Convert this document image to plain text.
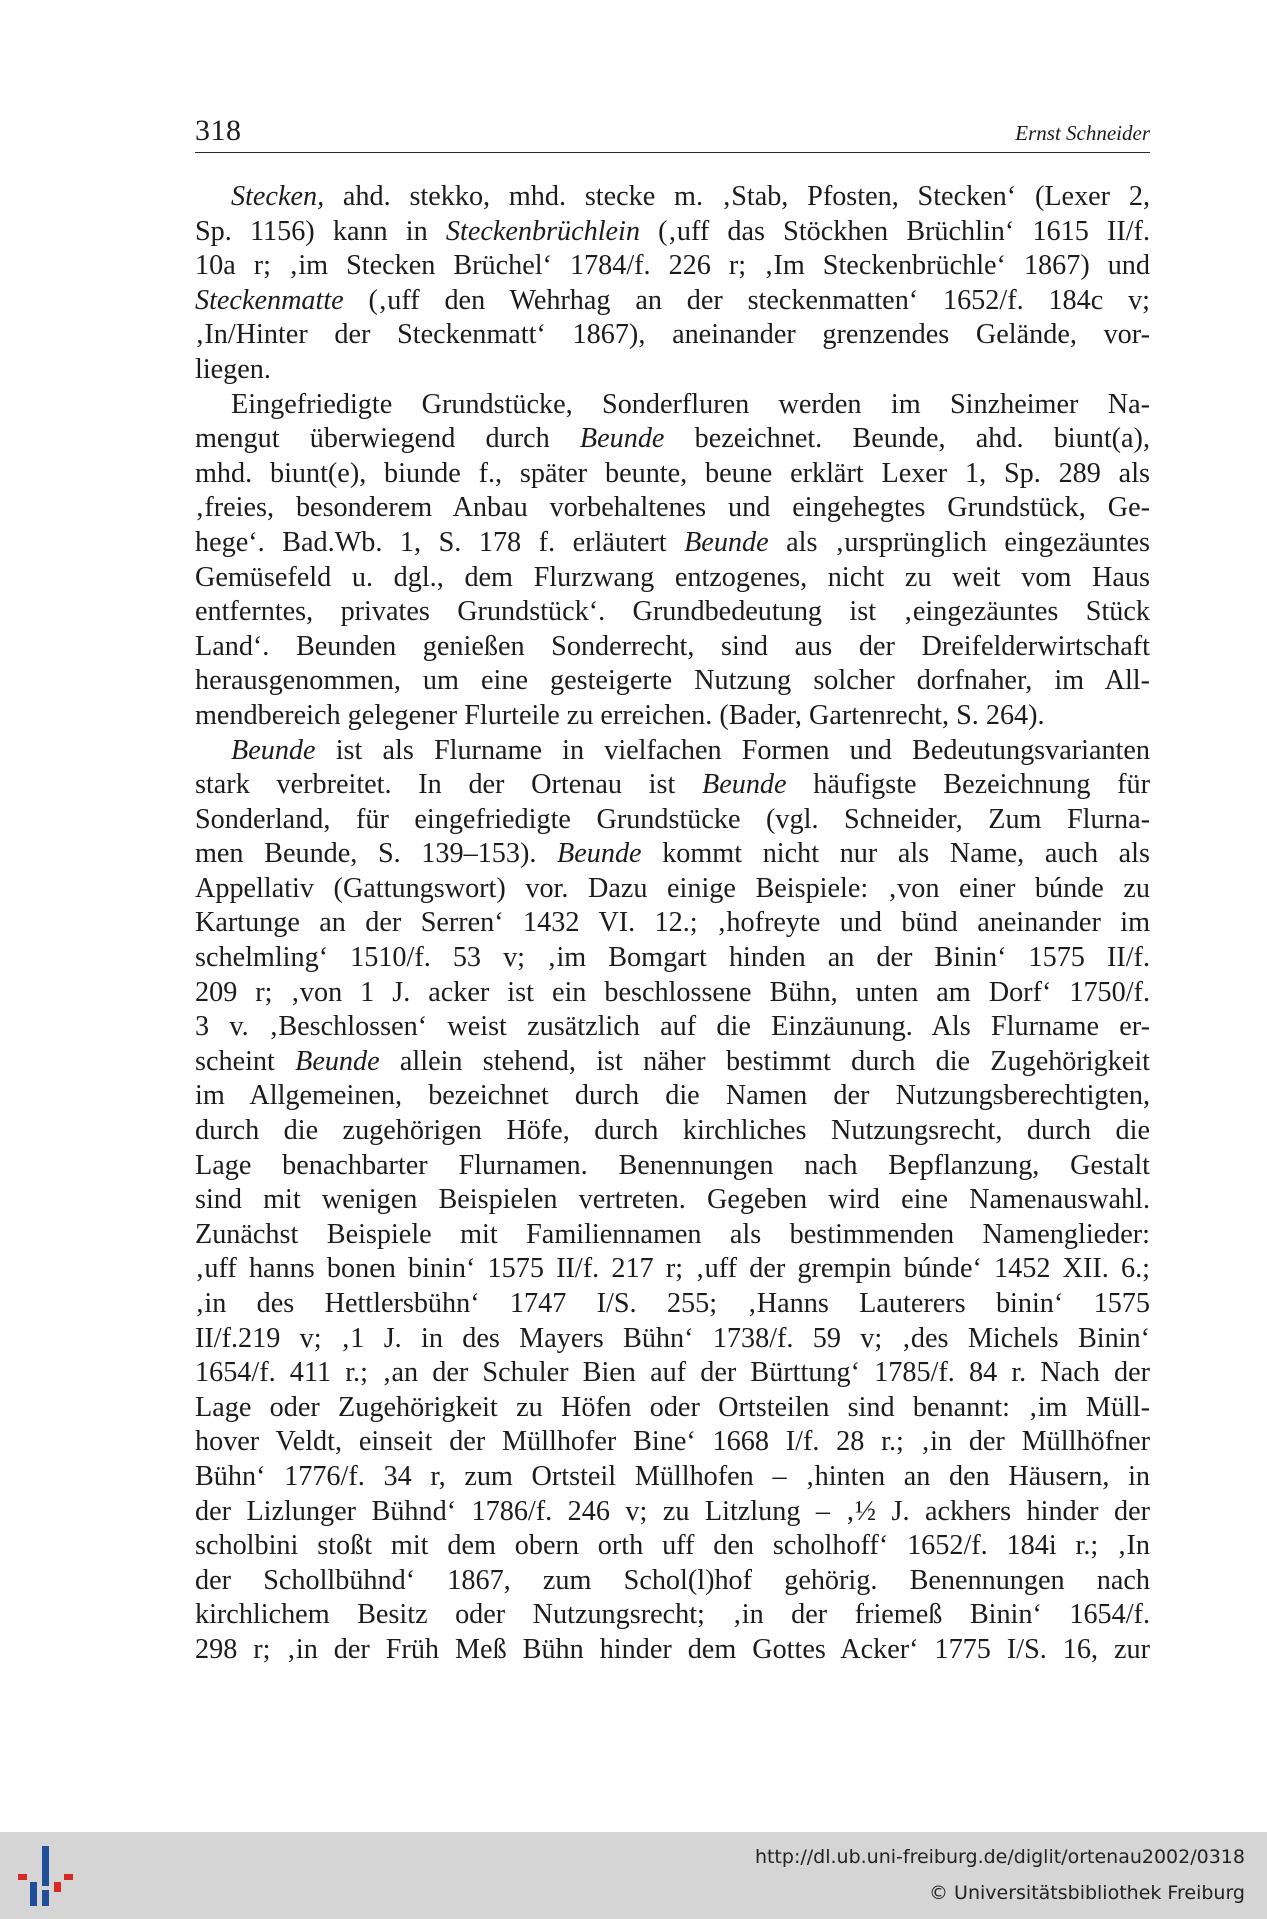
318	Ernst Schneider
Stecken, ahd. stekko, mhd. stecke m. ‚Stab, Pfosten, Stecken‘ (Lexer 2,
Sp. 1156) kann in Steckenbrüchlein (‚uff das Stöckhen Brüchlin‘ 1615 II/f.
10a r; ‚im Stecken Brüchel‘ 1784/f. 226 r; ‚Im Steckenbrüchle‘ 1867) und
Steckenmatte (‚uff den Wehrhag an der steckenmatten‘ 1652/f. 184c v;
‚In/Hinter der Steckenmatt‘ 1867), aneinander grenzendes Gelände, vor-
liegen.
Eingefriedigte Grundstücke, Sonderfluren werden im Sinzheimer Na-
mengut überwiegend durch Beunde bezeichnet. Beunde, ahd. biunt(a),
mhd. biunt(e), biunde f., später beunte, beune erklärt Lexer 1, Sp. 289 als
‚freies, besonderem Anbau vorbehaltenes und eingehegtes Grundstück, Ge-
hege‘. Bad.Wb. 1, S. 178 f. erläutert Beunde als ‚ursprünglich eingezäuntes
Gemüsefeld u. dgl., dem Flurzwang entzogenes, nicht zu weit vom Haus
entferntes, privates Grundstück‘. Grundbedeutung ist ‚eingezäuntes Stück
Land‘. Beunden genießen Sonderrecht, sind aus der Dreifelderwirtschaft
herausgenommen, um eine gesteigerte Nutzung solcher dorfnaher, im All-
mendbereich gelegener Flurteile zu erreichen. (Bader, Gartenrecht, S. 264).
Beunde ist als Flurname in vielfachen Formen und Bedeutungsvarianten
stark verbreitet. In der Ortenau ist Beunde häufigste Bezeichnung für
Sonderland, für eingefriedigte Grundstücke (vgl. Schneider, Zum Flurna-
men Beunde, S. 139–153). Beunde kommt nicht nur als Name, auch als
Appellativ (Gattungswort) vor. Dazu einige Beispiele: ‚von einer búnde zu
Kartunge an der Serren‘ 1432 VI. 12.; ‚hofreyte und bünd aneinander im
schelmling‘ 1510/f. 53 v; ‚im Bomgart hinden an der Binin‘ 1575 II/f.
209 r; ‚von 1 J. acker ist ein beschlossene Bühn, unten am Dorf‘ 1750/f.
3 v. ‚Beschlossen‘ weist zusätzlich auf die Einzäunung. Als Flurname er-
scheint Beunde allein stehend, ist näher bestimmt durch die Zugehörigkeit
im Allgemeinen, bezeichnet durch die Namen der Nutzungsberechtigten,
durch die zugehörigen Höfe, durch kirchliches Nutzungsrecht, durch die
Lage benachbarter Flurnamen. Benennungen nach Bepflanzung, Gestalt
sind mit wenigen Beispielen vertreten. Gegeben wird eine Namenauswahl.
Zunächst Beispiele mit Familiennamen als bestimmenden Namenglieder:
‚uff hanns bonen binin‘ 1575 II/f. 217 r; ‚uff der grempin búnde‘ 1452 XII. 6.;
‚in des Hettlersbühn‘ 1747 I/S. 255; ‚Hanns Lauterers binin‘ 1575
II/f.219 v; ‚1 J. in des Mayers Bühn‘ 1738/f. 59 v; ‚des Michels Binin‘
1654/f. 411 r.; ‚an der Schuler Bien auf der Bürttung‘ 1785/f. 84 r. Nach der
Lage oder Zugehörigkeit zu Höfen oder Ortsteilen sind benannt: ‚im Müll-
hover Veldt, einseit der Müllhofer Bine‘ 1668 I/f. 28 r.; ‚in der Müllhöfner
Bühn‘ 1776/f. 34 r, zum Ortsteil Müllhofen – ‚hinten an den Häusern, in
der Lizlunger Bühnd‘ 1786/f. 246 v; zu Litzlung – ‚½ J. ackhers hinder der
scholbini stoßt mit dem obern orth uff den scholhoff‘ 1652/f. 184i r.; ‚In
der Schollbühnd‘ 1867, zum Schol(l)hof gehörig. Benennungen nach
kirchlichem Besitz oder Nutzungsrecht; ‚in der friemeß Binin‘ 1654/f.
298 r; ‚in der Früh Meß Bühn hinder dem Gottes Acker‘ 1775 I/S. 16, zur
http://dl.ub.uni-freiburg.de/diglit/ortenau2002/0318
© Universitätsbibliothek Freiburg
